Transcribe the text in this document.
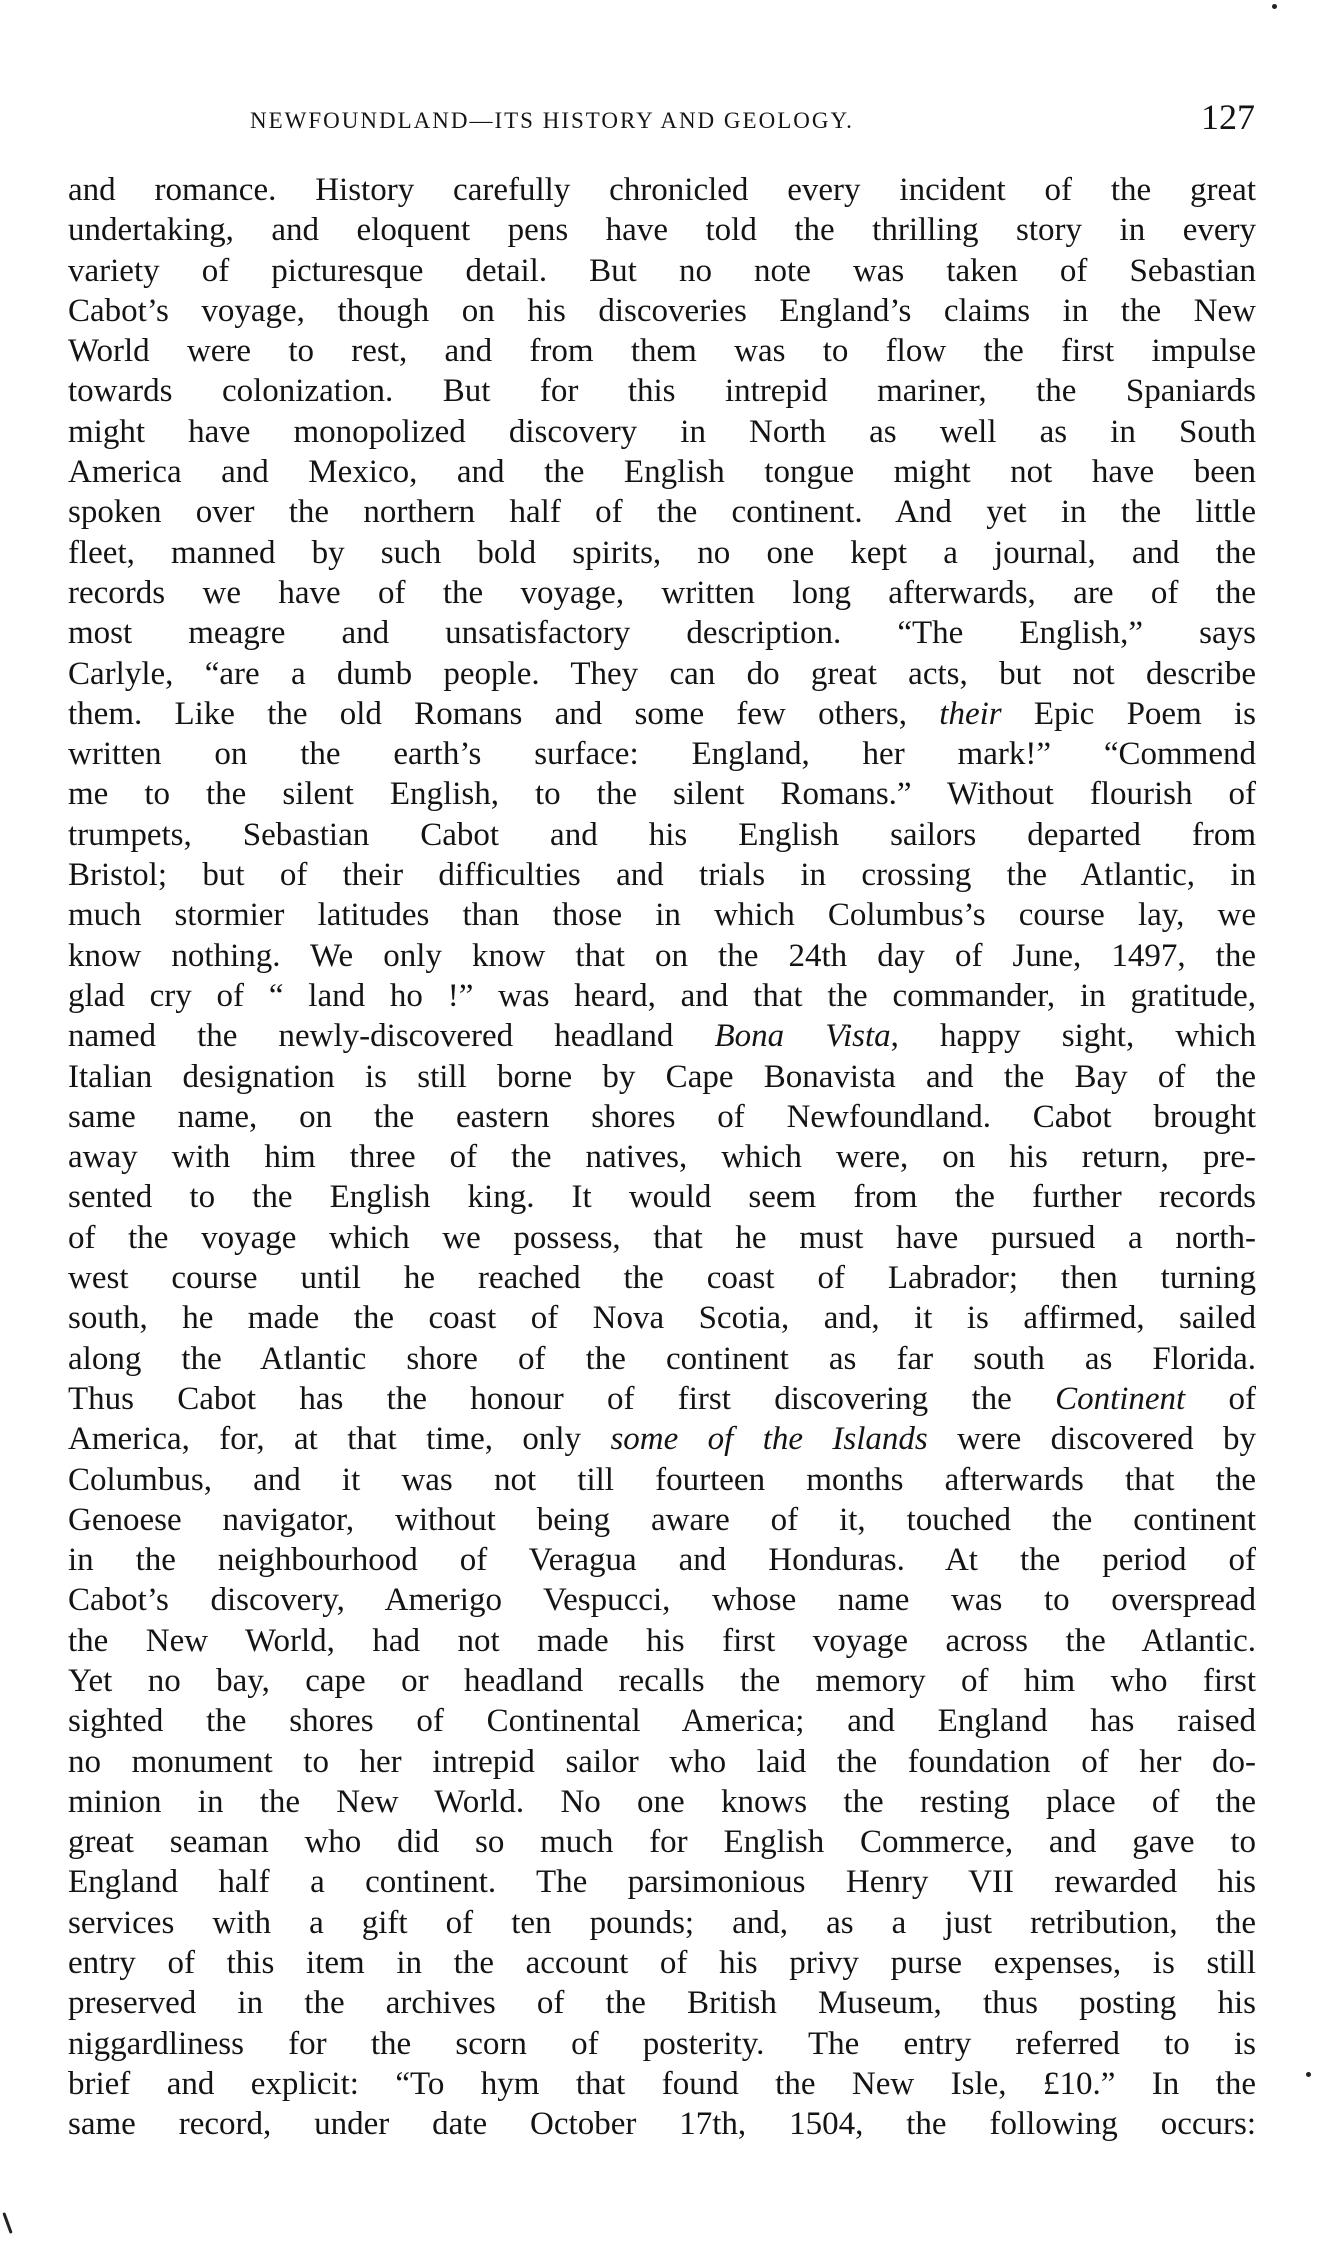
NEWFOUNDLAND—ITS HISTORY AND GEOLOGY.	127
and romance. History carefully chronicled every incident of the great
undertaking, and eloquent pens have told the thrilling story in every
variety of picturesque detail. But no note was taken of Sebastian
Cabot’s voyage, though on his discoveries England’s claims in the New
World were to rest, and from them was to flow the first impulse
towards colonization. But for this intrepid mariner, the Spaniards
might have monopolized discovery in North as well as in South
America and Mexico, and the English tongue might not have been
spoken over the northern half of the continent. And yet in the little
fleet, manned by such bold spirits, no one kept a journal, and the
records we have of the voyage, written long afterwards, are of the
most meagre and unsatisfactory description. “The English,” says
Carlyle, “are a dumb people. They can do great acts, but not describe
them. Like the old Romans and some few others, their Epic Poem is
written on the earth’s surface: England, her mark!” “Commend
me to the silent English, to the silent Romans.” Without flourish of
trumpets, Sebastian Cabot and his English sailors departed from
Bristol; but of their difficulties and trials in crossing the Atlantic, in
much stormier latitudes than those in which Columbus’s course lay, we
know nothing. We only know that on the 24th day of June, 1497, the
glad cry of “ land ho !” was heard, and that the commander, in gratitude,
named the newly-discovered headland Bona Vista, happy sight, which
Italian designation is still borne by Cape Bonavista and the Bay of the
same name, on the eastern shores of Newfoundland. Cabot brought
away with him three of the natives, which were, on his return, pre-
sented to the English king. It would seem from the further records
of the voyage which we possess, that he must have pursued a north-
west course until he reached the coast of Labrador; then turning
south, he made the coast of Nova Scotia, and, it is affirmed, sailed
along the Atlantic shore of the continent as far south as Florida.
Thus Cabot has the honour of first discovering the Continent of
America, for, at that time, only some of the Islands were discovered by
Columbus, and it was not till fourteen months afterwards that the
Genoese navigator, without being aware of it, touched the continent
in the neighbourhood of Veragua and Honduras. At the period of
Cabot’s discovery, Amerigo Vespucci, whose name was to overspread
the New World, had not made his first voyage across the Atlantic.
Yet no bay, cape or headland recalls the memory of him who first
sighted the shores of Continental America; and England has raised
no monument to her intrepid sailor who laid the foundation of her do-
minion in the New World. No one knows the resting place of the
great seaman who did so much for English Commerce, and gave to
England half a continent. The parsimonious Henry VII rewarded his
services with a gift of ten pounds; and, as a just retribution, the
entry of this item in the account of his privy purse expenses, is still
preserved in the archives of the British Museum, thus posting his
niggardliness for the scorn of posterity. The entry referred to is
brief and explicit: “To hym that found the New Isle, £10.” In the
same record, under date October 17th, 1504, the following occurs:
